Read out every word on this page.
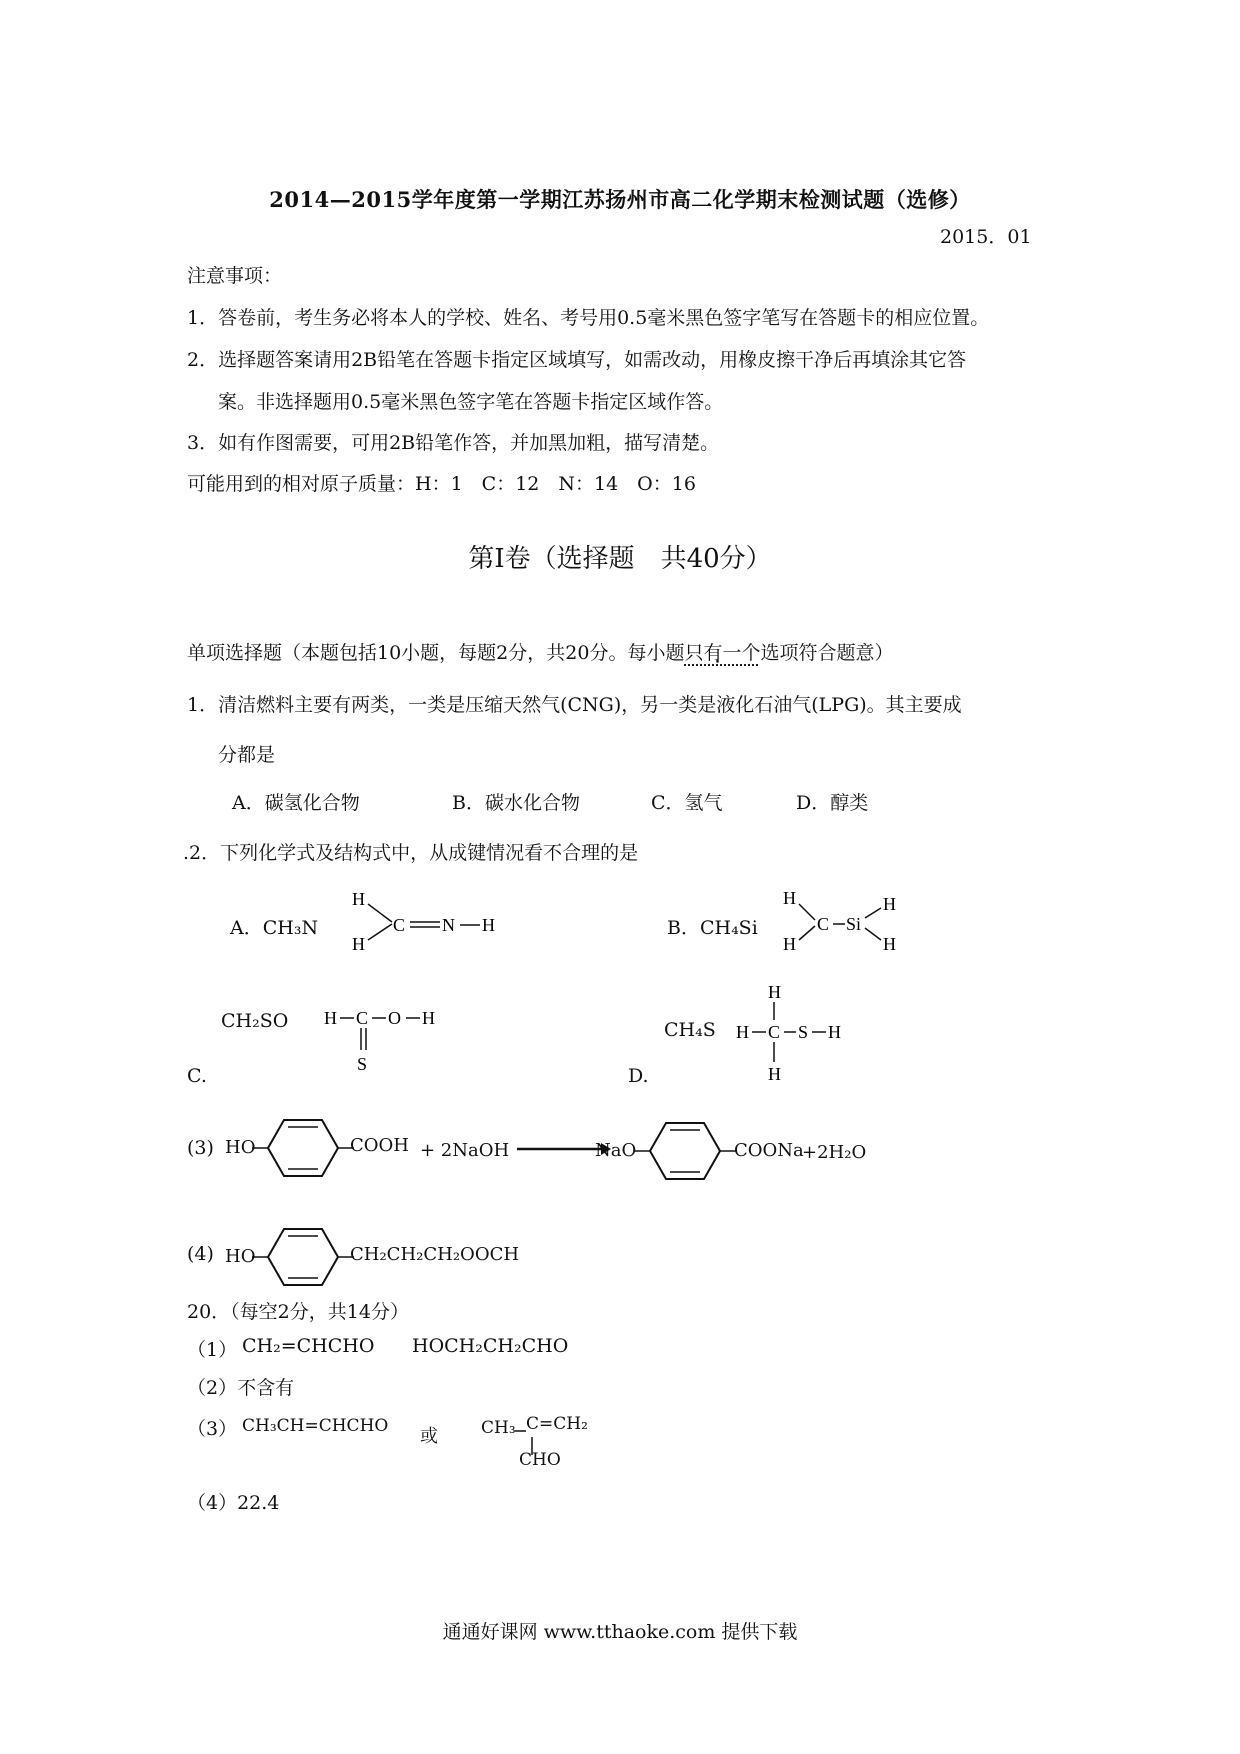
2014—2015学年度第一学期江苏扬州市高二化学期末检测试题（选修）
2015．01
注意事项：
1．答卷前，考生务必将本人的学校、姓名、考号用0.5毫米黑色签字笔写在答题卡的相应位置。
2．选择题答案请用2B铅笔在答题卡指定区域填写，如需改动，用橡皮擦干净后再填涂其它答
案。非选择题用0.5毫米黑色签字笔在答题卡指定区域作答。
3．如有作图需要，可用2B铅笔作答，并加黑加粗，描写清楚。
可能用到的相对原子质量：H：1　C：12　N：14　O：16
第Ⅰ卷（选择题　共40分）
单项选择题（本题包括10小题，每题2分，共20分。每小题只有一个选项符合题意）
1．清洁燃料主要有两类，一类是压缩天然气(CNG)，另一类是液化石油气(LPG)。其主要成
分都是
A．碳氢化合物	B．碳水化合物	C．氢气	D．醇类
.2．下列化学式及结构式中，从成键情况看不合理的是
A．CH₃N
H
H
C N H	B．CH₄Si
H
H
C Si
H
H
CH₂SO
C.
H C O H
S
CH₄S
D.
H
H C S H
H
(3) HO	COOH + 2NaOH	NaO	COONa
+2H₂O
(4) HO	CH₂CH₂CH₂OOCH
20．（每空2分，共14分）
（1） CH₂=CHCHO HOCH₂CH₂CHO
（2）不含有
（3） CH₃CH=CHCHO 或	CH₃ C=CH₂
CHO
（4）22.4
通通好课网 www.tthaoke.com 提供下载
